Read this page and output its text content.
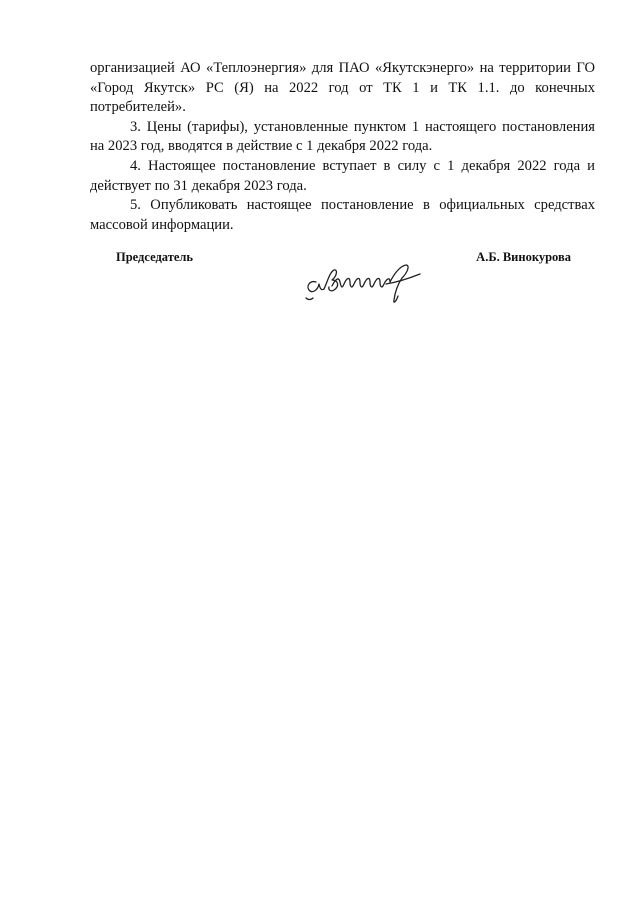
организацией АО «Теплоэнергия» для ПАО «Якутскэнерго» на территории ГО «Город Якутск» РС (Я) на 2022 год от ТК 1 и ТК 1.1. до конечных потребителей».

3. Цены (тарифы), установленные пунктом 1 настоящего постановления на 2023 год, вводятся в действие с 1 декабря 2022 года.

4. Настоящее постановление вступает в силу с 1 декабря 2022 года и действует по 31 декабря 2023 года.

5. Опубликовать настоящее постановление в официальных средствах массовой информации.

Председатель	А.Б. Винокурова
